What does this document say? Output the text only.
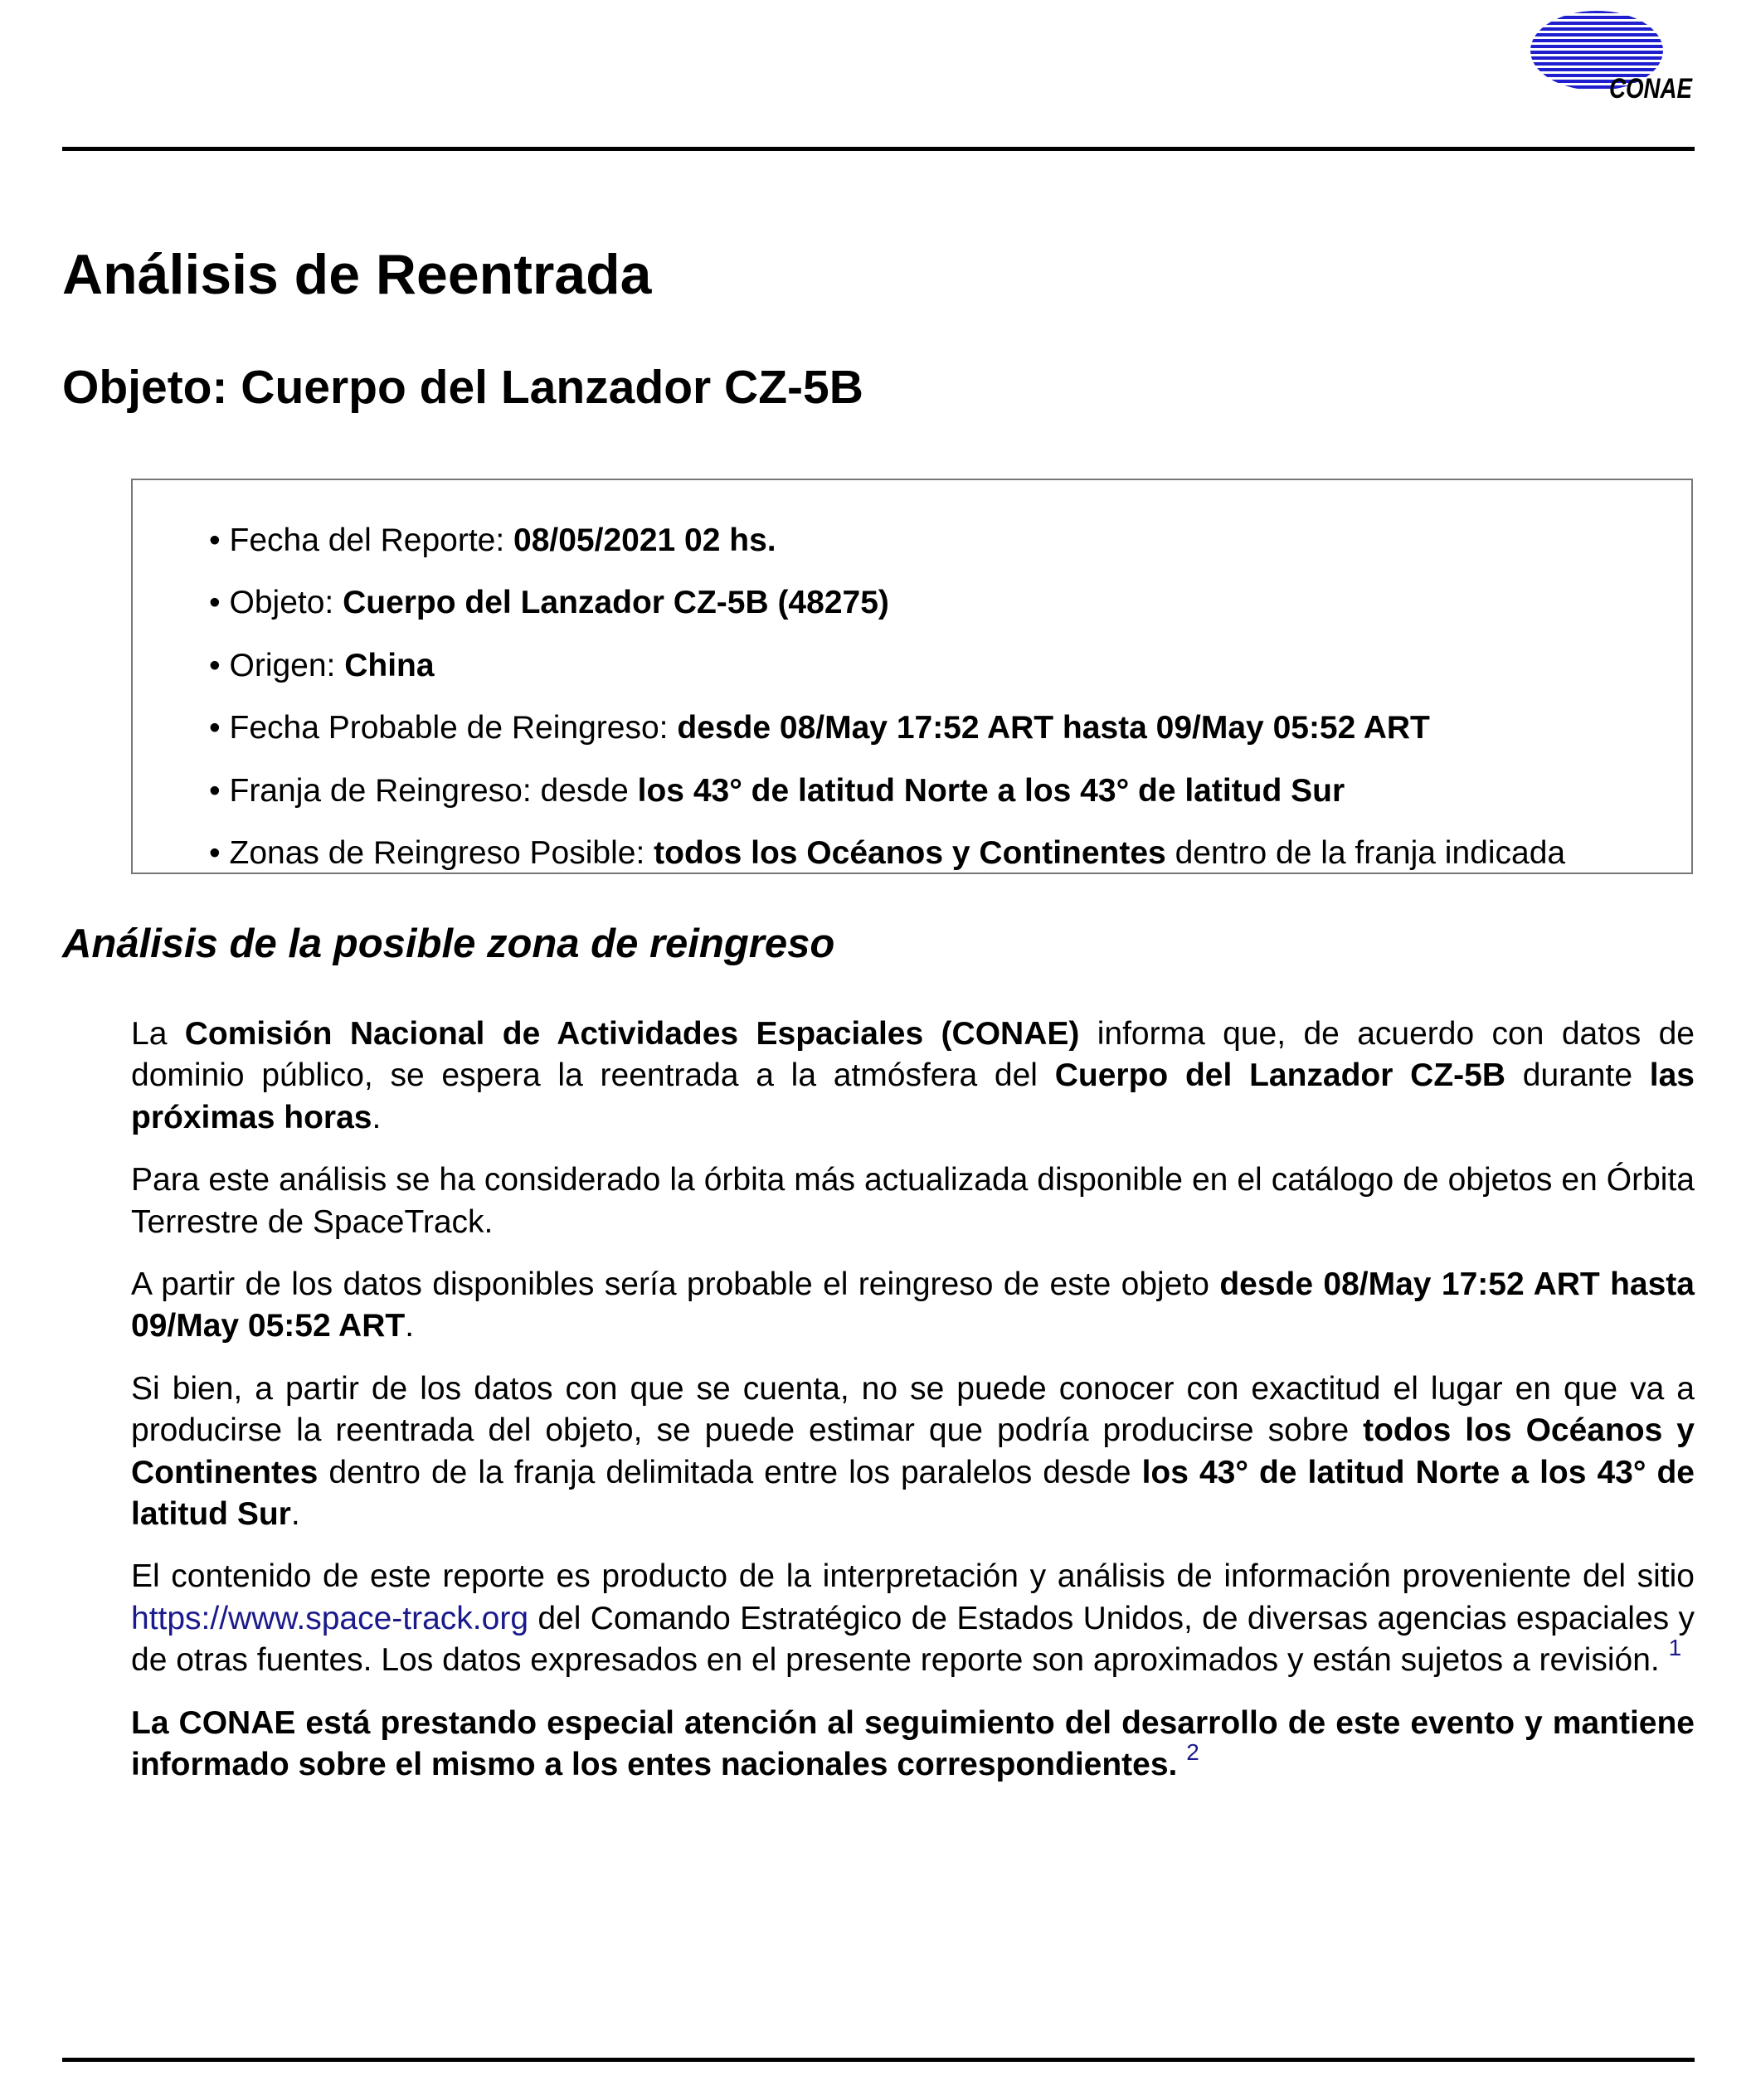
CONAE
Análisis de Reentrada
Objeto: Cuerpo del Lanzador CZ-5B
• Fecha del Reporte: 08/05/2021 02 hs.
• Objeto: Cuerpo del Lanzador CZ-5B (48275)
• Origen: China
• Fecha Probable de Reingreso: desde 08/May 17:52 ART hasta 09/May 05:52 ART
• Franja de Reingreso: desde los 43° de latitud Norte a los 43° de latitud Sur
• Zonas de Reingreso Posible: todos los Océanos y Continentes dentro de la franja indicada
Análisis de la posible zona de reingreso

La Comisión Nacional de Actividades Espaciales (CONAE) informa que, de acuerdo con datos de dominio público, se espera la reentrada a la atmósfera del Cuerpo del Lanzador CZ-5B durante las próximas horas.

Para este análisis se ha considerado la órbita más actualizada disponible en el catálogo de objetos en Órbita Terrestre de SpaceTrack.

A partir de los datos disponibles sería probable el reingreso de este objeto desde 08/May 17:52 ART hasta 09/May 05:52 ART.

Si bien, a partir de los datos con que se cuenta, no se puede conocer con exactitud el lugar en que va a producirse la reentrada del objeto, se puede estimar que podría producirse sobre todos los Océanos y Continentes dentro de la franja delimitada entre los paralelos desde los 43° de latitud Norte a los 43° de latitud Sur.

El contenido de este reporte es producto de la interpretación y análisis de información proveniente del sitio https://www.space-track.org del Comando Estratégico de Estados Unidos, de diversas agencias espaciales y de otras fuentes. Los datos expresados en el presente reporte son aproximados y están sujetos a revisión. $^1$

La CONAE está prestando especial atención al seguimiento del desarrollo de este evento y mantiene informado sobre el mismo a los entes nacionales correspondientes. $^2$
